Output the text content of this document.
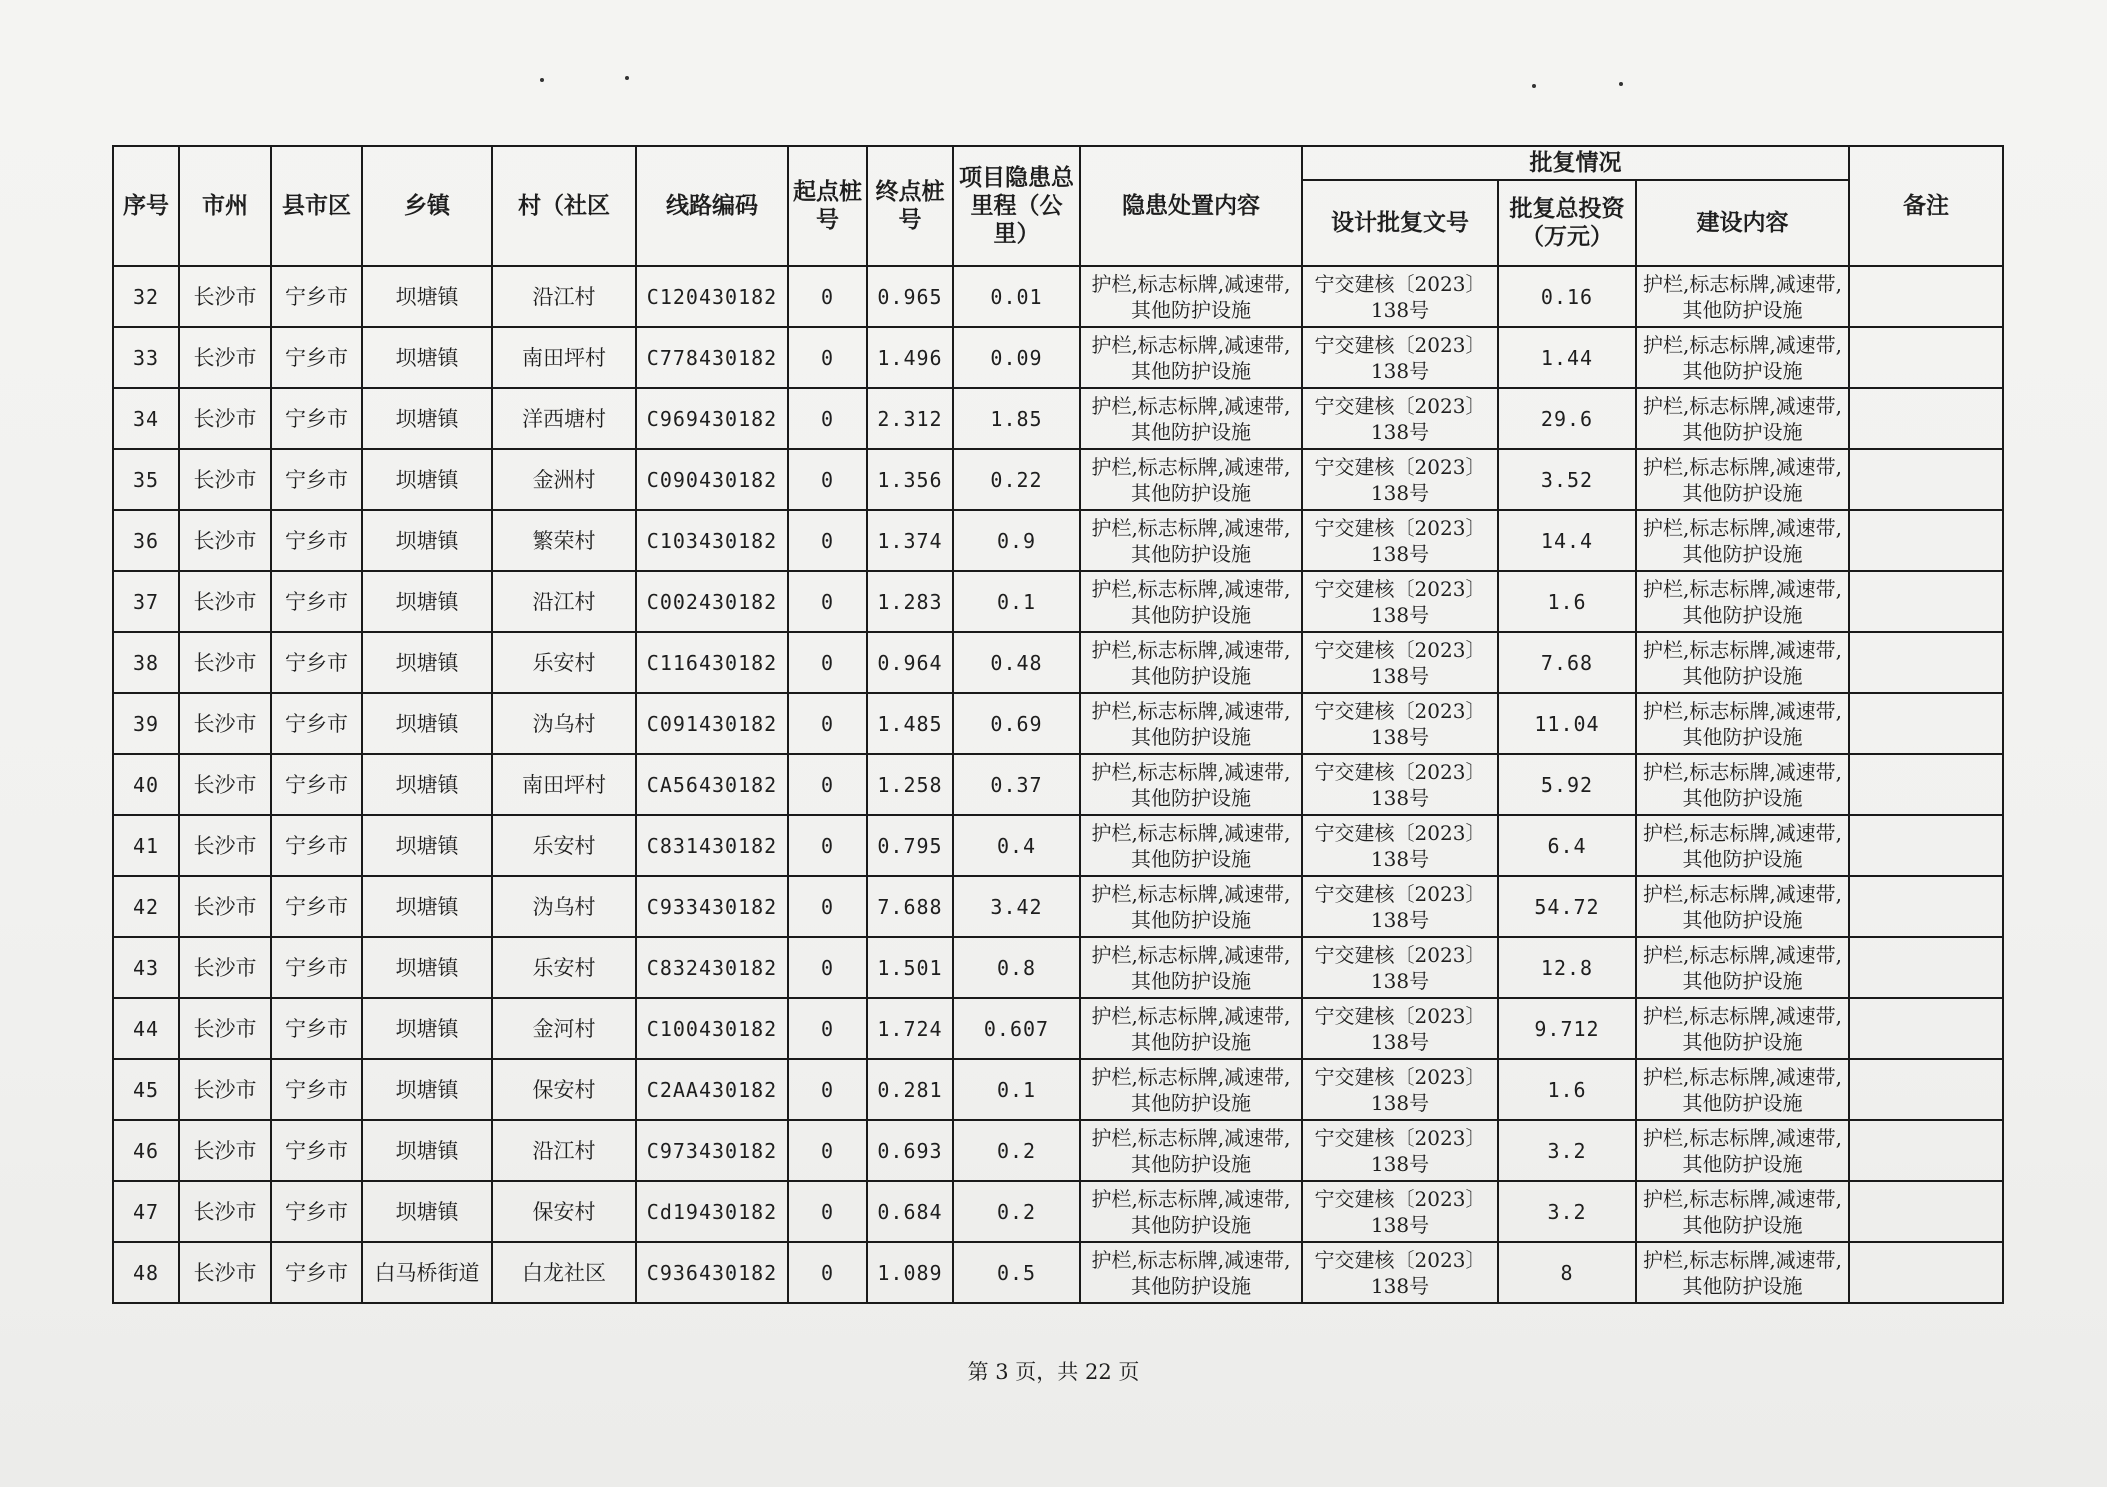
序号	市州	县市区	乡镇	村（社区	线路编码	起点桩号	终点桩号	项目隐患总里程（公里）	隐患处置内容	批复情况			备注
										设计批复文号	批复总投资（万元）	建设内容	
32	长沙市	宁乡市	坝塘镇	沿江村	C120430182	0	0.965	0.01	护栏,标志标牌,减速带,其他防护设施	宁交建核〔2023〕138号	0.16	护栏,标志标牌,减速带,其他防护设施	
33	长沙市	宁乡市	坝塘镇	南田坪村	C778430182	0	1.496	0.09	护栏,标志标牌,减速带,其他防护设施	宁交建核〔2023〕138号	1.44	护栏,标志标牌,减速带,其他防护设施	
34	长沙市	宁乡市	坝塘镇	洋西塘村	C969430182	0	2.312	1.85	护栏,标志标牌,减速带,其他防护设施	宁交建核〔2023〕138号	29.6	护栏,标志标牌,减速带,其他防护设施	
35	长沙市	宁乡市	坝塘镇	金洲村	C090430182	0	1.356	0.22	护栏,标志标牌,减速带,其他防护设施	宁交建核〔2023〕138号	3.52	护栏,标志标牌,减速带,其他防护设施	
36	长沙市	宁乡市	坝塘镇	繁荣村	C103430182	0	1.374	0.9	护栏,标志标牌,减速带,其他防护设施	宁交建核〔2023〕138号	14.4	护栏,标志标牌,减速带,其他防护设施	
37	长沙市	宁乡市	坝塘镇	沿江村	C002430182	0	1.283	0.1	护栏,标志标牌,减速带,其他防护设施	宁交建核〔2023〕138号	1.6	护栏,标志标牌,减速带,其他防护设施	
38	长沙市	宁乡市	坝塘镇	乐安村	C116430182	0	0.964	0.48	护栏,标志标牌,减速带,其他防护设施	宁交建核〔2023〕138号	7.68	护栏,标志标牌,减速带,其他防护设施	
39	长沙市	宁乡市	坝塘镇	沩乌村	C091430182	0	1.485	0.69	护栏,标志标牌,减速带,其他防护设施	宁交建核〔2023〕138号	11.04	护栏,标志标牌,减速带,其他防护设施	
40	长沙市	宁乡市	坝塘镇	南田坪村	CA56430182	0	1.258	0.37	护栏,标志标牌,减速带,其他防护设施	宁交建核〔2023〕138号	5.92	护栏,标志标牌,减速带,其他防护设施	
41	长沙市	宁乡市	坝塘镇	乐安村	C831430182	0	0.795	0.4	护栏,标志标牌,减速带,其他防护设施	宁交建核〔2023〕138号	6.4	护栏,标志标牌,减速带,其他防护设施	
42	长沙市	宁乡市	坝塘镇	沩乌村	C933430182	0	7.688	3.42	护栏,标志标牌,减速带,其他防护设施	宁交建核〔2023〕138号	54.72	护栏,标志标牌,减速带,其他防护设施	
43	长沙市	宁乡市	坝塘镇	乐安村	C832430182	0	1.501	0.8	护栏,标志标牌,减速带,其他防护设施	宁交建核〔2023〕138号	12.8	护栏,标志标牌,减速带,其他防护设施	
44	长沙市	宁乡市	坝塘镇	金河村	C100430182	0	1.724	0.607	护栏,标志标牌,减速带,其他防护设施	宁交建核〔2023〕138号	9.712	护栏,标志标牌,减速带,其他防护设施	
45	长沙市	宁乡市	坝塘镇	保安村	C2AA430182	0	0.281	0.1	护栏,标志标牌,减速带,其他防护设施	宁交建核〔2023〕138号	1.6	护栏,标志标牌,减速带,其他防护设施	
46	长沙市	宁乡市	坝塘镇	沿江村	C973430182	0	0.693	0.2	护栏,标志标牌,减速带,其他防护设施	宁交建核〔2023〕138号	3.2	护栏,标志标牌,减速带,其他防护设施	
47	长沙市	宁乡市	坝塘镇	保安村	Cd19430182	0	0.684	0.2	护栏,标志标牌,减速带,其他防护设施	宁交建核〔2023〕138号	3.2	护栏,标志标牌,减速带,其他防护设施	
48	长沙市	宁乡市	白马桥街道	白龙社区	C936430182	0	1.089	0.5	护栏,标志标牌,减速带,其他防护设施	宁交建核〔2023〕138号	8	护栏,标志标牌,减速带,其他防护设施	
第 3 页，共 22 页
